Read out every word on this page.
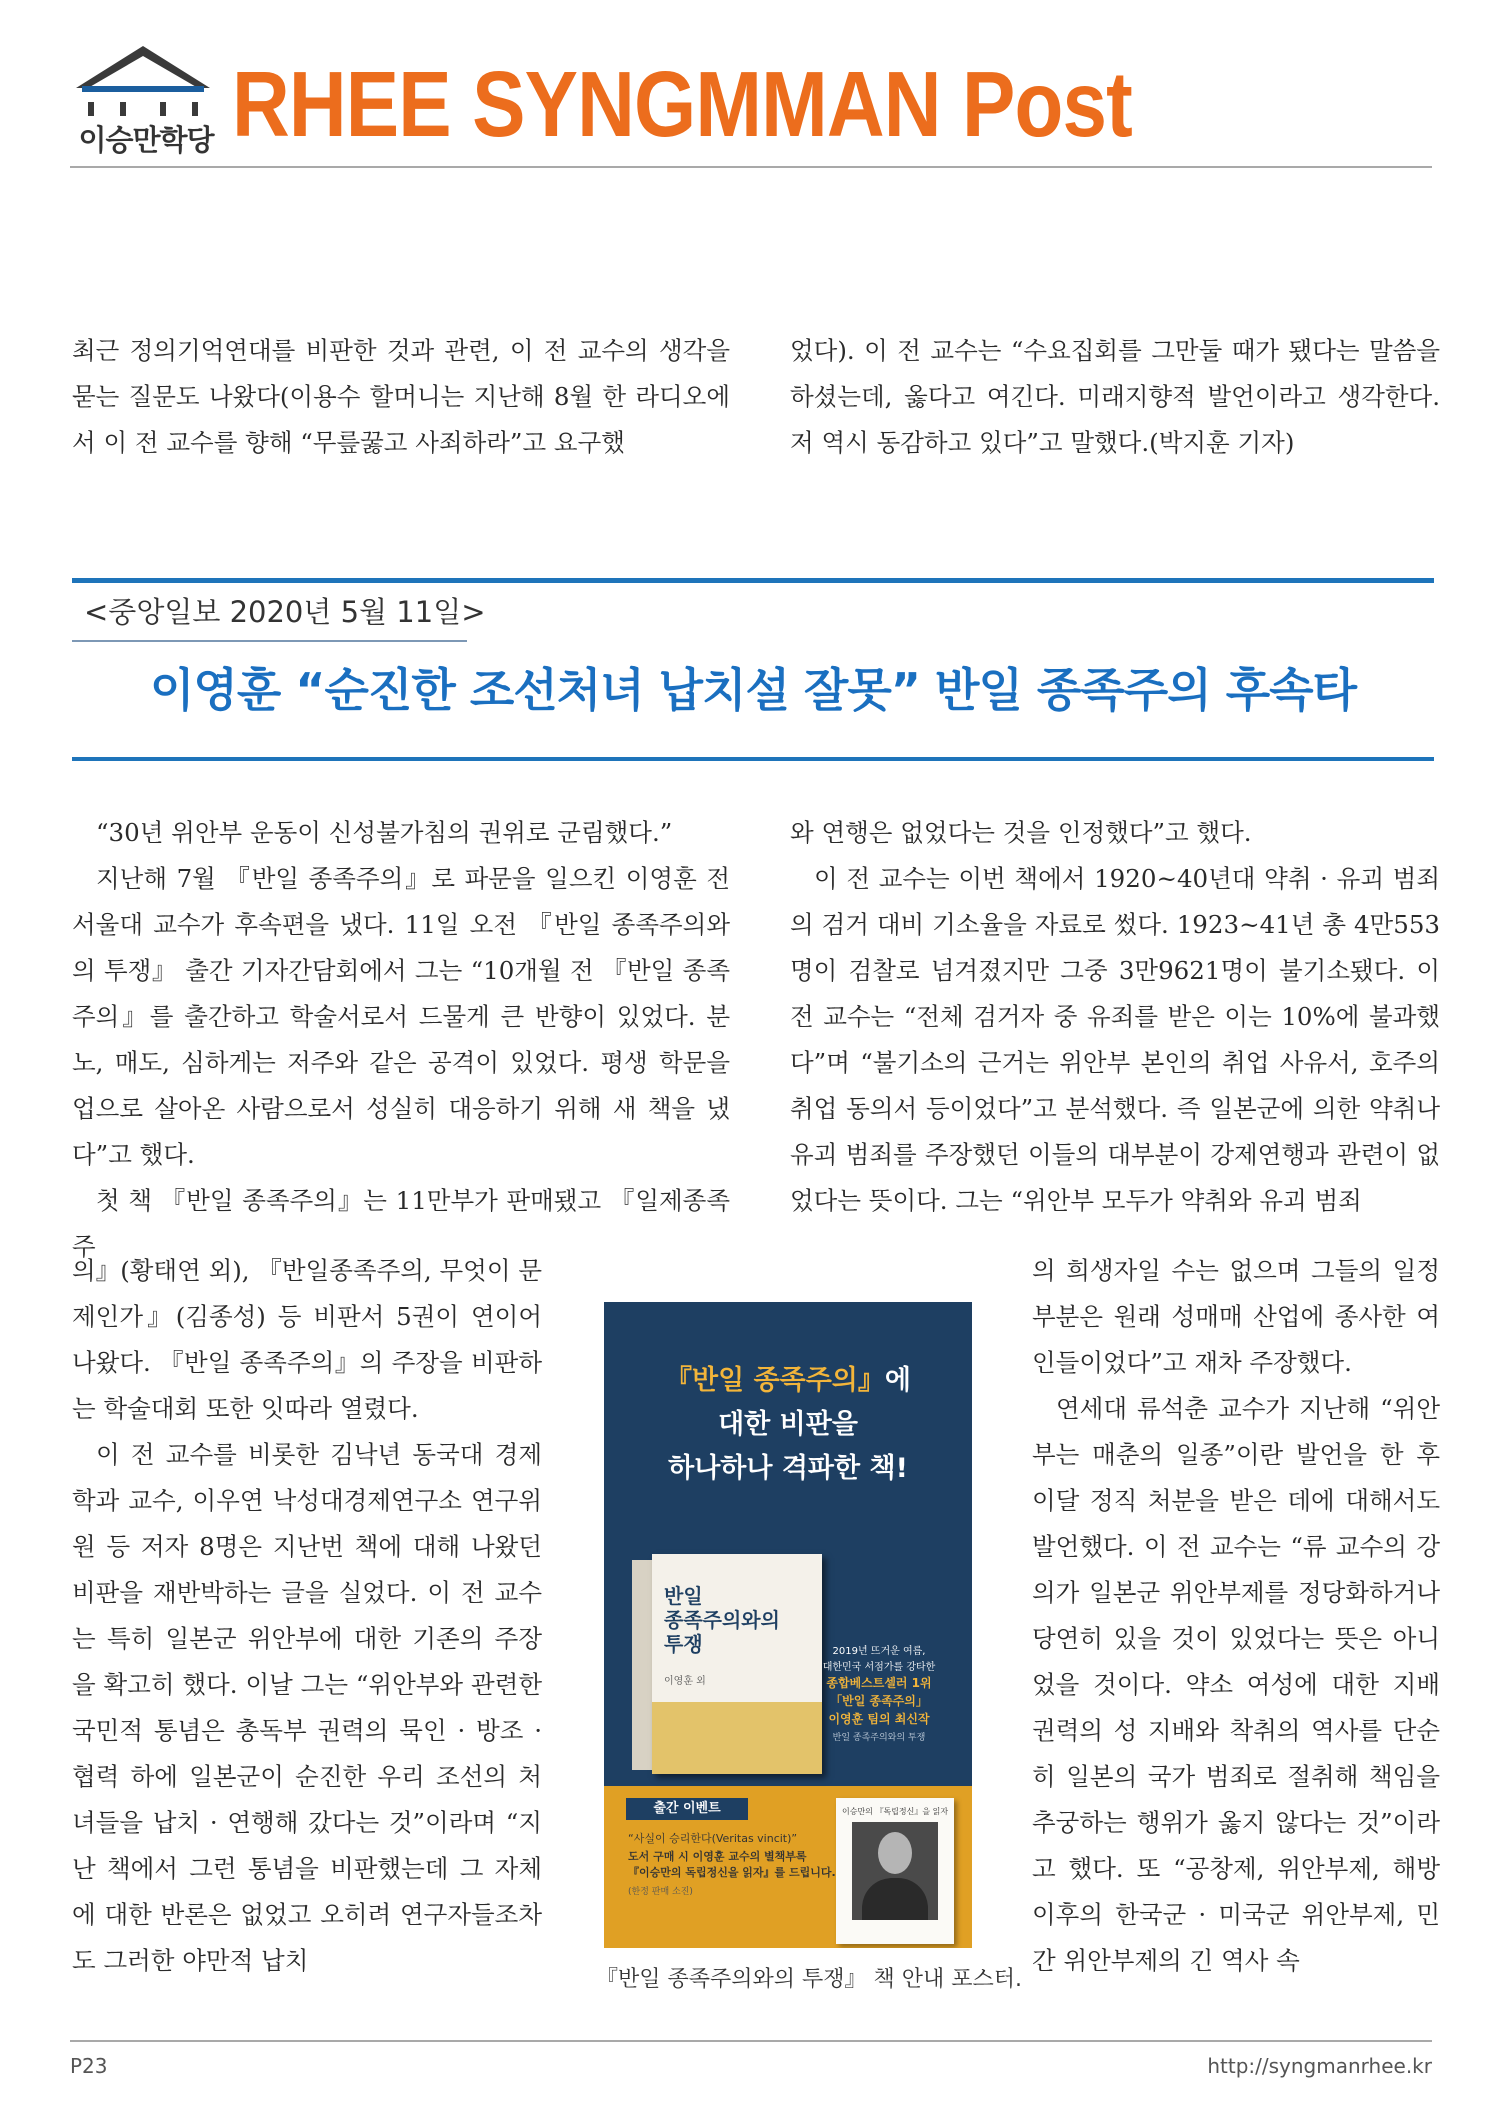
이승만학당 RHEE SYNGMMAN Post

최근 정의기억연대를 비판한 것과 관련, 이 전 교수의 생각을 묻는 질문도 나왔다(이용수 할머니는 지난해 8월 한 라디오에서 이 전 교수를 향해 “무릎꿇고 사죄하라”고 요구했

었다). 이 전 교수는 “수요집회를 그만둘 때가 됐다는 말씀을 하셨는데, 옳다고 여긴다. 미래지향적 발언이라고 생각한다. 저 역시 동감하고 있다”고 말했다.(박지훈 기자)

<중앙일보 2020년 5월 11일>
이영훈 “순진한 조선처녀 납치설 잘못” 반일 종족주의 후속타

“30년 위안부 운동이 신성불가침의 권위로 군림했다.”

지난해 7월 『반일 종족주의』로 파문을 일으킨 이영훈 전 서울대 교수가 후속편을 냈다. 11일 오전 『반일 종족주의와의 투쟁』 출간 기자간담회에서 그는 “10개월 전 『반일 종족주의』를 출간하고 학술서로서 드물게 큰 반향이 있었다. 분노, 매도, 심하게는 저주와 같은 공격이 있었다. 평생 학문을 업으로 살아온 사람으로서 성실히 대응하기 위해 새 책을 냈다”고 했다.

첫 책 『반일 종족주의』는 11만부가 판매됐고 『일제종족주

의』(황태연 외), 『반일종족주의, 무엇이 문제인가』(김종성) 등 비판서 5권이 연이어 나왔다. 『반일 종족주의』의 주장을 비판하는 학술대회 또한 잇따라 열렸다.

이 전 교수를 비롯한 김낙년 동국대 경제학과 교수, 이우연 낙성대경제연구소 연구위원 등 저자 8명은 지난번 책에 대해 나왔던 비판을 재반박하는 글을 실었다. 이 전 교수는 특히 일본군 위안부에 대한 기존의 주장을 확고히 했다. 이날 그는 “위안부와 관련한 국민적 통념은 총독부 권력의 묵인 · 방조 · 협력 하에 일본군이 순진한 우리 조선의 처녀들을 납치 · 연행해 갔다는 것”이라며 “지난 책에서 그런 통념을 비판했는데 그 자체에 대한 반론은 없었고 오히려 연구자들조차도 그러한 야만적 납치

와 연행은 없었다는 것을 인정했다”고 했다.

이 전 교수는 이번 책에서 1920~40년대 약취 · 유괴 범죄의 검거 대비 기소율을 자료로 썼다. 1923~41년 총 4만553명이 검찰로 넘겨졌지만 그중 3만9621명이 불기소됐다. 이 전 교수는 “전체 검거자 중 유죄를 받은 이는 10%에 불과했다”며 “불기소의 근거는 위안부 본인의 취업 사유서, 호주의 취업 동의서 등이었다”고 분석했다. 즉 일본군에 의한 약취나 유괴 범죄를 주장했던 이들의 대부분이 강제연행과 관련이 없었다는 뜻이다. 그는 “위안부 모두가 약취와 유괴 범죄

의 희생자일 수는 없으며 그들의 일정 부분은 원래 성매매 산업에 종사한 여인들이었다”고 재차 주장했다.

연세대 류석춘 교수가 지난해 “위안부는 매춘의 일종”이란 발언을 한 후 이달 정직 처분을 받은 데에 대해서도 발언했다. 이 전 교수는 “류 교수의 강의가 일본군 위안부제를 정당화하거나 당연히 있을 것이 있었다는 뜻은 아니었을 것이다. 약소 여성에 대한 지배 권력의 성 지배와 착취의 역사를 단순히 일본의 국가 범죄로 절취해 책임을 추궁하는 행위가 옳지 않다는 것”이라고 했다. 또 “공창제, 위안부제, 해방 이후의 한국군 · 미국군 위안부제, 민간 위안부제의 긴 역사 속

『반일 종족주의』에
대한 비판을
하나하나 격파한 책!
반일
종족주의와의
투쟁
이영훈 외
2019년 뜨거운 여름,
대한민국 서점가를 강타한
종합베스트셀러 1위
「반일 종족주의」
이영훈 팀의 최신작
반일 종족주의와의 투쟁
출간 이벤트
“사실이 승리한다(Veritas vincit)”
도서 구매 시 이영훈 교수의 별책부록
『이승만의 독립정신을 읽자』를 드립니다.
(한정 판매 소진)
이승만의 『독립정신』을 읽자
『반일 종족주의와의 투쟁』 책 안내 포스터.
P23	http://syngmanrhee.kr
